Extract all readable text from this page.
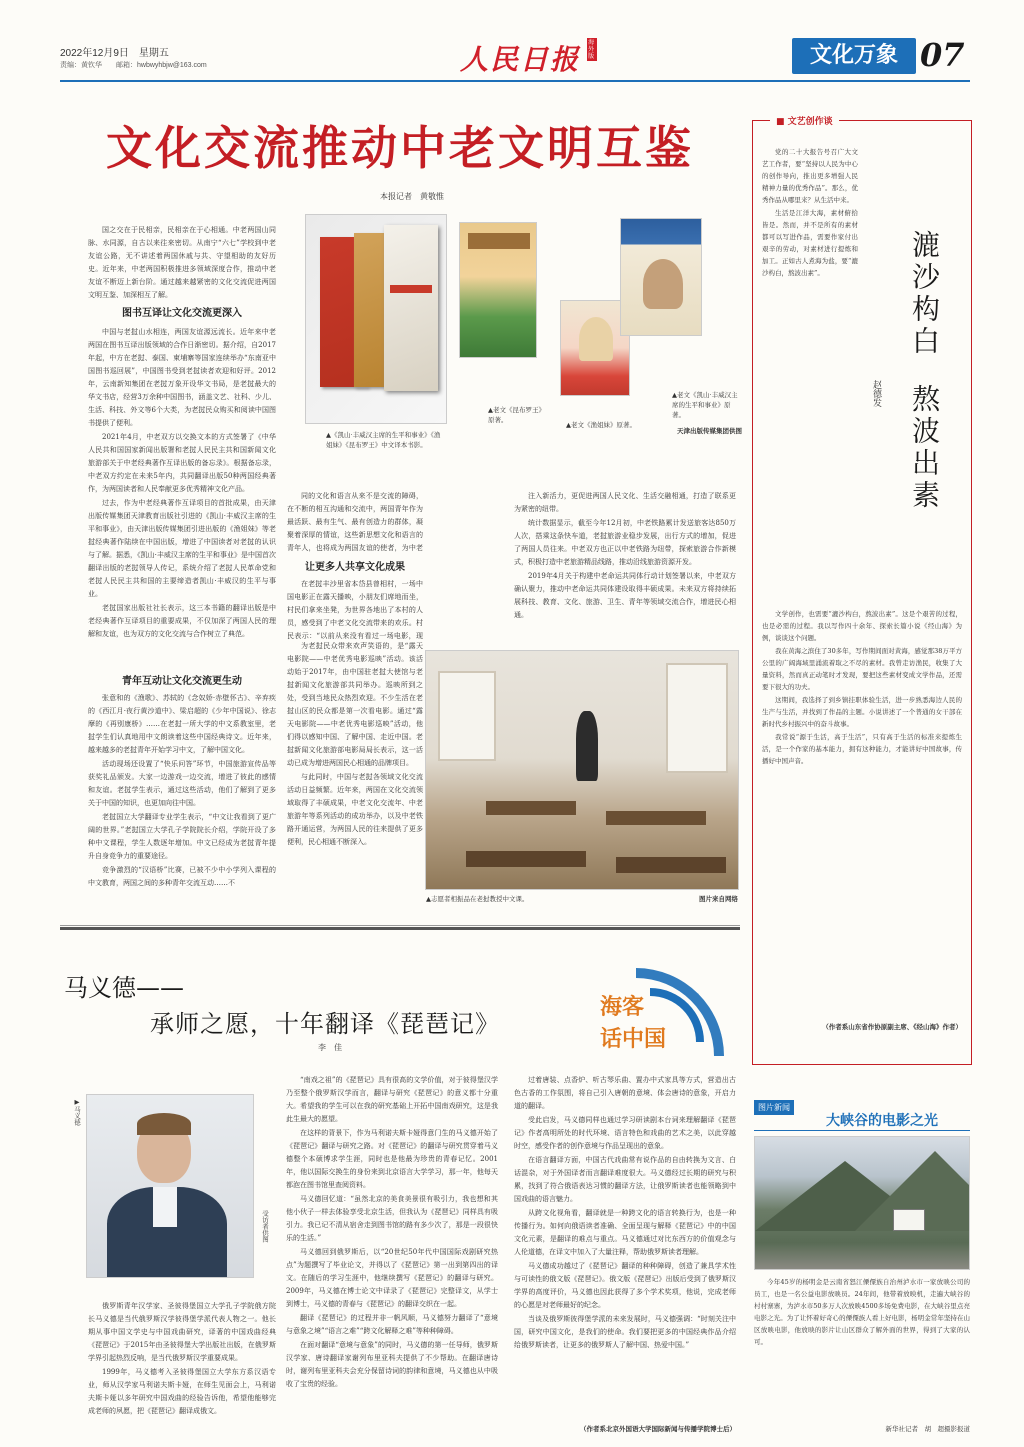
2022年12月9日　星期五
责编：黄钦华　　邮箱：hwbwyhbjw@163.com	人民日报 海外版	文化万象 07
文化交流推动中老文明互鉴
本报记者　黄敬惟

国之交在于民相亲，民相亲在于心相通。中老两国山同脉、水同源，自古以来往来密切。从南宁“六七”学校到中老友谊公路，无不讲述着两国休戚与共、守望相助的友好历史。近年来，中老两国积极推进多领域深度合作，推动中老友谊不断迈上新台阶。通过越来越紧密的文化交流促进两国文明互鉴、加深相互了解。

图书互译让文化交流更深入

中国与老挝山水相连，两国友谊源远流长。近年来中老两国在图书互译出版领域的合作日渐密切。据介绍，自2017年起，中方在老挝、泰国、柬埔寨等国家连续举办“东南亚中国图书巡回展”，中国图书受到老挝读者欢迎和好评。2012年，云南新知集团在老挝万象开设华文书局，是老挝最大的华文书店，经营3万余种中国图书，涵盖文艺、社科、少儿、生活、科技、外文等6个大类，为老挝民众购买和阅读中国图书提供了便利。

2021年4月，中老双方以交换文本的方式签署了《中华人民共和国国家新闻出版署和老挝人民民主共和国新闻文化旅游部关于中老经典著作互译出版的备忘录》。根据备忘录，中老双方约定在未来5年内，共同翻译出版50种两国经典著作，为两国读者和人民奉献更多优秀精神文化产品。

过去，作为中老经典著作互译项目的首批成果，由天津出版传媒集团天津教育出版社引进的《凯山·丰威汉主席的生平和事业》，由天津出版传媒集团引进出版的《渔姐妹》等老挝经典著作陆续在中国出版，增进了中国读者对老挝的认识与了解。据悉，《凯山·丰威汉主席的生平和事业》是中国首次翻译出版的老挝领导人传记，系统介绍了老挝人民革命党和老挝人民民主共和国的主要缔造者凯山·丰威汉的生平与事业。

老挝国家出版社社长表示，这三本书籍的翻译出版是中老经典著作互译项目的重要成果，不仅加深了两国人民的理解和友谊，也为双方的文化交流与合作树立了典范。

青年互动让文化交流更生动

张意和的《渔歌》、苏轼的《念奴娇·赤壁怀古》、辛弃疾的《西江月·夜行黄沙道中》、梁启超的《少年中国说》、徐志摩的《再别康桥》……在老挝一所大学的中文系教室里，老挝学生们认真地用中文朗读着这些中国经典诗文。近年来，越来越多的老挝青年开始学习中文，了解中国文化。

活动现场还设置了“快乐问答”环节，中国旅游宣传品等获奖礼品颁发。大家一边游戏一边交流，增进了彼此的感情和友谊。老挝学生表示，通过这些活动，他们了解到了更多关于中国的知识，也更加向往中国。

老挝国立大学翻译专业学生表示，“中文让我看到了更广阔的世界。”老挝国立大学孔子学院院长介绍，学院开设了多种中文课程，学生人数逐年增加。中文已经成为老挝青年提升自身竞争力的重要途径。

竞争激烈的“汉语桥”比赛，已被不少中小学列入课程的中文教育，两国之间的多种青年交流互动……不

▲《凯山·丰威汉主席的生平和事业》《渔姐妹》《昆布罗王》中文译本书影。
▲老文《昆布罗王》原著。
▲老文《渔姐妹》原著。
▲老文《凯山·丰威汉主席的生平和事业》原著。
天津出版传媒集团供图

同的文化和语言从来不是交流的障碍，在不断的相互沟通和交流中，两国青年作为最活跃、最有生气、最有创造力的群体，凝聚着深厚的情谊，这些新思想文化和语言的青年人，也将成为两国友谊的使者，为中老

让更多人共享文化成果

在老挝丰沙里省本岱县曾相村，一场中国电影正在露天播映，小朋友们席地而坐，村民们拿来坐凳，为世界各地出了本村的人员，感受到了中老文化交流带来的欢乐。村民表示：“以前从来没有看过一场电影，现

为老挝民众带来欢声笑语的，是“露天电影院——中老优秀电影巡映”活动。该活动始于2017年，由中国驻老挝大使馆与老挝新闻文化旅游部共同举办。巡映所到之处，受到当地民众热烈欢迎。不少生活在老挝山区的民众都是第一次看电影。通过“露天电影院——中老优秀电影巡映”活动，他们得以感知中国、了解中国、走近中国。老挝新闻文化旅游部电影局局长表示，这一活动已成为增进两国民心相通的品牌项目。

与此同时，中国与老挝各领域文化交流活动日益频繁。近年来，两国在文化交流领域取得了丰硕成果，中老文化交流年、中老旅游年等系列活动的成功举办，以及中老铁路开通运营，为两国人民的往来提供了更多便利，民心相通不断深入。

注入新活力，更促进两国人民文化、生活交融相通，打造了联系更为紧密的纽带。

统计数据显示，截至今年12月初，中老铁路累计发送旅客达850万人次，搭乘这条快车道，老挝旅游业稳步发展，出行方式的增加，促进了两国人员往来。中老双方也正以中老铁路为纽带，探索旅游合作新模式，积极打造中老旅游精品线路，推动沿线旅游资源开发。

2019年4月关于构建中老命运共同体行动计划签署以来，中老双方确认聚力，推动中老命运共同体建设取得丰硕成果。未来双方将持续拓展科技、教育、文化、旅游、卫生、青年等领域交流合作，增进民心相通。

▲志愿者相振品在老挝教授中文课。	图片来自网络
■ 文艺创作谈

党的二十大报告号召广大文艺工作者，要“坚持以人民为中心的创作导向，推出更多增强人民精神力量的优秀作品”。那么，优秀作品从哪里来？从生活中来。

生活是江洋大海，素材俯拾皆是。然而，并不是所有的素材都可以写进作品，需要作家付出艰辛的劳动，对素材进行提炼和加工。正如古人煮海为盐，要“漉沙构白，熬波出素”。	漉沙构白
熬波出素
赵德发

文学创作，也需要“漉沙构白，熬波出素”。这是个艰苦的过程，也是必需的过程。我以写作四十余年、探索长篇小说《经山海》为例，谈谈这个问题。

我在黄海之滨住了30多年，写作期间面对黄海，感觉那38万平方公里的广阔海域里涌流着取之不尽的素材。我曾走访渔民，收集了大量资料，然而真正动笔时才发现，要把这些素材变成文学作品，还需要下很大的功夫。

这期间，我选择了到乡镇挂职体验生活，进一步熟悉海边人民的生产与生活，并找到了作品的主题。小说讲述了一个普通的女干部在新时代乡村振兴中的奋斗故事。

我常说“源于生活，高于生活”，只有高于生活的标准来提炼生活，是一个作家的基本能力，拥有这种能力，才能讲好中国故事，传播好中国声音。

（作者系山东省作协原副主席、《经山海》作者）
马义德——
承师之愿，十年翻译《琵琶记》
李　佳
海客
话中国
▶马义德
受访者供图

俄罗斯青年汉学家、圣彼得堡国立大学孔子学院俄方院长马义德是当代俄罗斯汉学彼得堡学派代表人物之一。他长期从事中国文学史与中国戏曲研究，译著的中国戏曲经典《琵琶记》于2015年由圣彼得堡大学出版社出版，在俄罗斯学界引起热烈反响，是当代俄罗斯汉学重要成果。

1999年，马义德考入圣彼得堡国立大学东方系汉语专业，师从汉学家马利诺夫斯卡娅，在师生见面会上，马利诺夫斯卡娅以多年研究中国戏曲的经验告诉他，希望他能够完成老师的夙愿，把《琵琶记》翻译成俄文。

“南戏之祖”的《琵琶记》具有很高的文学价值，对于彼得堡汉学乃至整个俄罗斯汉学而言，翻译与研究《琵琶记》的意义都十分重大。希望我的学生可以在我的研究基础上开拓中国南戏研究，这是我此生最大的愿望。

在这样的背景下，作为马利诺夫斯卡娅得意门生的马义德开始了《琵琶记》翻译与研究之路。对《琵琶记》的翻译与研究贯穿着马义德整个本硕博求学生涯，同时也是他最为珍贵的青春记忆。2001年，他以国际交换生的身份来到北京语言大学学习，那一年，他每天都泡在图书馆里查阅资料。

马义德回忆道：“虽然北京的美食美景很有吸引力，我也想和其他小伙子一样去体验享受北京生活，但我认为《琵琶记》同样具有吸引力。我已记不清从宿舍走到图书馆的路有多少次了，那是一段很快乐的生活。”

马义德回到俄罗斯后，以“20世纪50年代中国国际戏剧研究热点”为题撰写了毕业论文，并得以了《琵琶记》第一出到第四出的译文。在随后的学习生涯中，他继续撰写《琵琶记》的翻译与研究。2009年，马义德在博士论文中译录了《琵琶记》完整译文，从学士到博士，马义德的青春与《琵琶记》的翻译交织在一起。

翻译《琵琶记》的过程并非一帆风顺，马义德努力翻译了“意境与意象之境”“语言之难”“跨文化解释之难”等种种障碍。

在面对翻译“意境与意象”的同时，马义德的第一任导师，俄罗斯汉学家、唐诗翻译家谢列布里亚科夫提供了不少帮助。在翻译唐诗时，谢列布里亚科夫会充分保留诗词的韵律和意境，马义德也从中吸收了宝贵的经验。

过着唐装、点香炉、听古琴乐曲、置办中式家具等方式，营造出古色古香的工作氛围，将自己引入唐朝的意境、体会唐诗的意象，开启力道的翻译。

受此启发，马义德同样也通过学习研读剧本台词来理解翻译《琵琶记》作者高明所处的时代环境、语言特色和戏曲的艺术之美，以此穿越时空，感受作者的创作意境与作品呈现出的意象。

在语言翻译方面，中国古代戏曲常有说作品的自由转换为文言、白话混杂，对于外国译者而言翻译难度很大。马义德经过长期的研究与积累，找到了符合俄语表达习惯的翻译方法，让俄罗斯读者也能领略到中国戏曲的语言魅力。

从跨文化视角看，翻译就是一种跨文化的语言转换行为，也是一种传播行为。如何向俄语读者准确、全面呈现与解释《琵琶记》中的中国文化元素，是翻译的难点与重点。马义德通过对比东西方的价值观念与人伦道德，在译文中加入了大量注释，帮助俄罗斯读者理解。

马义德成功越过了《琵琶记》翻译的种种障碍，创造了兼具学术性与可读性的俄文版《琵琶记》。俄文版《琵琶记》出版后受到了俄罗斯汉学界的高度评价，马义德也因此获得了多个学术奖项，他说，完成老师的心愿是对老师最好的纪念。

当谈及俄罗斯彼得堡学派的未来发展时，马义德强调：“时刻关注中国，研究中国文化，是我们的使命。我们要把更多的中国经典作品介绍给俄罗斯读者，让更多的俄罗斯人了解中国、热爱中国。”

（作者系北京外国语大学国际新闻与传播学院博士后）
图片新闻
大峡谷的电影之光
今年45岁的杨明金是云南省怒江傈僳族自治州泸水市一家放映公司的员工，也是一名公益电影放映员。24年间，他带着放映机，走遍大峡谷的村村寨寨，为泸水市50多万人次放映4500多场免费电影，在大峡谷里点亮电影之光。为了让怀着好奇心的傈僳族人看上好电影，杨明金常年坚持在山区放映电影，他放映的影片让山区群众了解外面的世界，得到了大家的认可。
新华社记者　胡　超摄影报道
